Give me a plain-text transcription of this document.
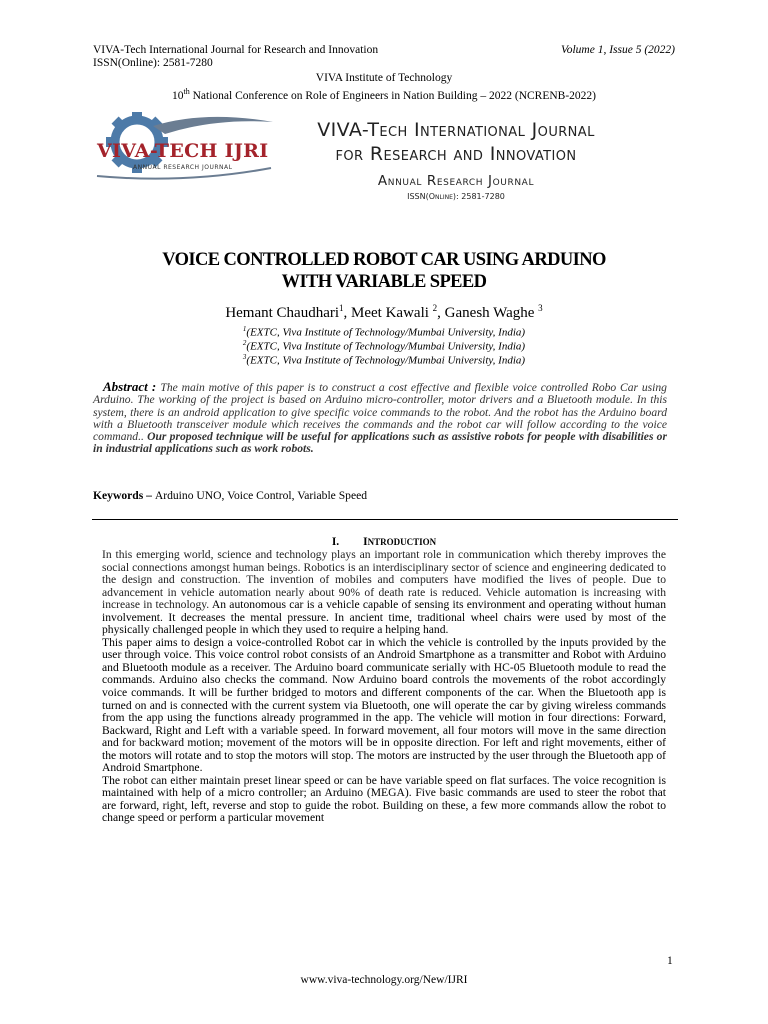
VIVA-Tech International Journal for Research and Innovation
ISSN(Online): 2581-7280
Volume 1, Issue 5 (2022)
VIVA Institute of Technology
10th National Conference on Role of Engineers in Nation Building – 2022 (NCRENB-2022)
VIVA-TECH IJRI
ANNUAL RESEARCH JOURNAL
VIVA-Tech International Journal
for Research and Innovation
Annual Research Journal
ISSN(Online): 2581-7280
VOICE CONTROLLED ROBOT CAR USING ARDUINO
WITH VARIABLE SPEED
Hemant Chaudhari$^1$, Meet Kawali $^2$, Ganesh Waghe $^3$
$^1$(EXTC, Viva Institute of Technology/Mumbai University, India)
$^2$(EXTC, Viva Institute of Technology/Mumbai University, India)
$^3$(EXTC, Viva Institute of Technology/Mumbai University, India)
Abstract : The main motive of this paper is to construct a cost effective and flexible voice controlled Robo Car using Arduino. The working of the project is based on Arduino micro-controller, motor drivers and a Bluetooth module. In this system, there is an android application to give specific voice commands to the robot. And the robot has the Arduino board with a Bluetooth transceiver module which receives the commands and the robot car will follow according to the voice command.. Our proposed technique will be useful for applications such as assistive robots for people with disabilities or in industrial applications such as work robots.
Keywords – Arduino UNO, Voice Control, Variable Speed
I. INTRODUCTION

In this emerging world, science and technology plays an important role in communication which thereby improves the social connections amongst human beings. Robotics is an interdisciplinary sector of science and engineering dedicated to the design and construction. The invention of mobiles and computers have modified the lives of people. Due to advancement in vehicle automation nearly about 90% of death rate is reduced. Vehicle automation is increasing with increase in technology. An autonomous car is a vehicle capable of sensing its environment and operating without human involvement. It decreases the mental pressure. In ancient time, traditional wheel chairs were used by most of the physically challenged people in which they used to require a helping hand.

This paper aims to design a voice-controlled Robot car in which the vehicle is controlled by the inputs provided by the user through voice. This voice control robot consists of an Android Smartphone as a transmitter and Robot with Arduino and Bluetooth module as a receiver. The Arduino board communicate serially with HC-05 Bluetooth module to read the commands. Arduino also checks the command. Now Arduino board controls the movements of the robot accordingly voice commands. It will be further bridged to motors and different components of the car. When the Bluetooth app is turned on and is connected with the current system via Bluetooth, one will operate the car by giving wireless commands from the app using the functions already programmed in the app. The vehicle will motion in four directions: Forward, Backward, Right and Left with a variable speed. In forward movement, all four motors will move in the same direction and for backward motion; movement of the motors will be in opposite direction. For left and right movements, either of the motors will rotate and to stop the motors will stop. The motors are instructed by the user through the Bluetooth app of Android Smartphone.

The robot can either maintain preset linear speed or can be have variable speed on flat surfaces. The voice recognition is maintained with help of a micro controller; an Arduino (MEGA). Five basic commands are used to steer the robot that are forward, right, left, reverse and stop to guide the robot. Building on these, a few more commands allow the robot to change speed or perform a particular movement

1
www.viva-technology.org/New/IJRI
